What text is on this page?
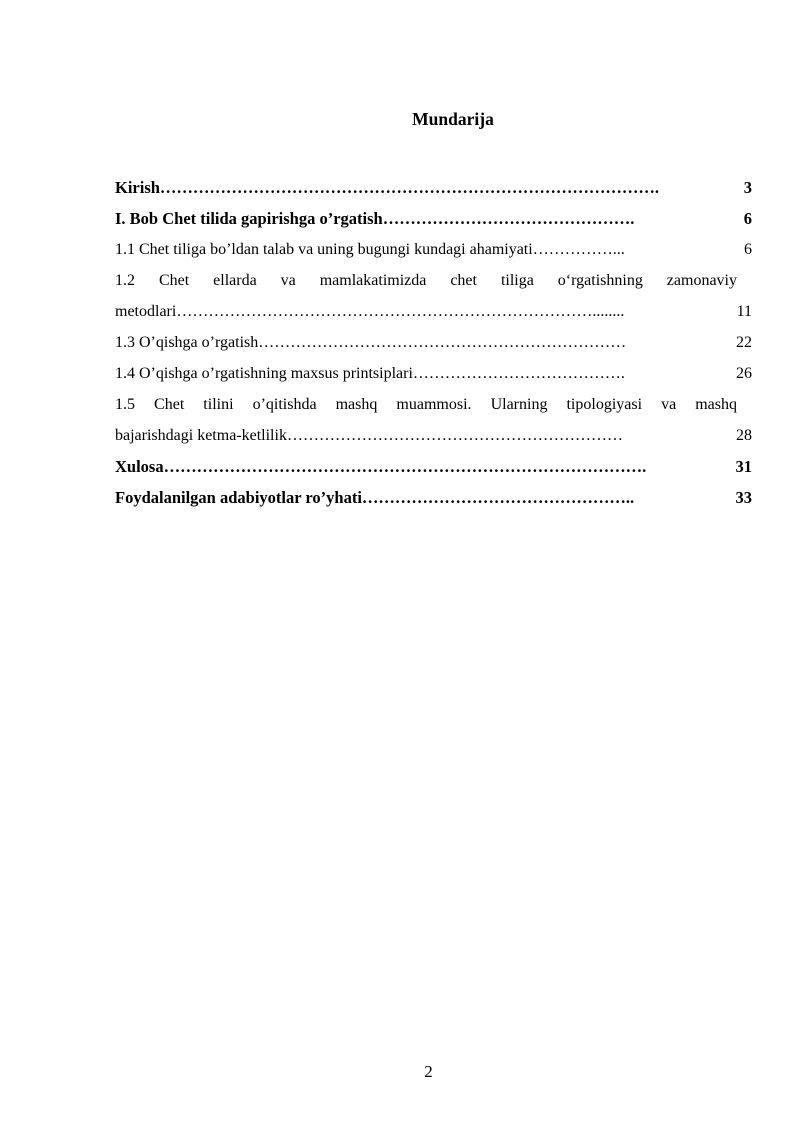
Mundarija
Kirish……………………………………………………………………………….	3
I. Bob Chet tilida gapirishga o’rgatish……………………………………….	6
1.1 Chet tiliga bo’ldan talab va uning bugungi kundagi ahamiyati……………...	6
1.2 Chet ellarda va mamlakatimizda chet tiliga o‘rgatishning zamonaviy
metodlari……………………………………………………………………........	11
1.3 O’qishga o’rgatish……………………………………………………………	22
1.4 O’qishga o’rgatishning maxsus printsiplari………………………………….	26
1.5 Chet tilini o’qitishda mashq muammosi. Ularning tipologiyasi va mashq
bajarishdagi ketma-ketlilik………………………………………………………	28
Xulosa…………………………………………………………………………….	31
Foydalanilgan adabiyotlar ro’yhati…………………………………………..	33
2
